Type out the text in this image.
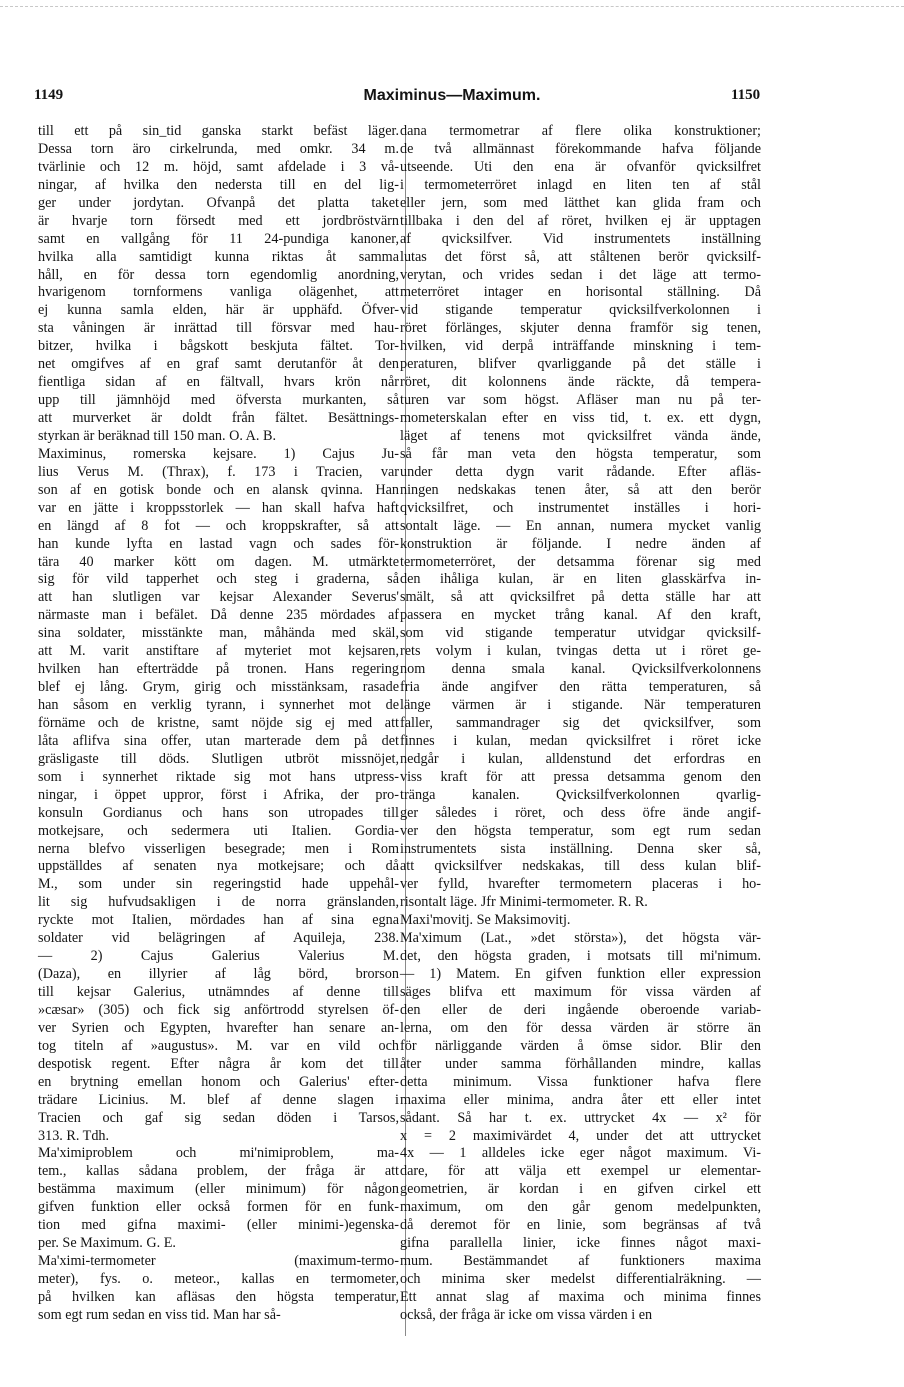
1149	Maximinus—Maximum.	1150
till ett på sin_tid ganska starkt befäst läger.
Dessa torn äro cirkelrunda, med omkr. 34 m.
tvärlinie och 12 m. höjd, samt afdelade i 3 vå-
ningar, af hvilka den nedersta till en del lig-
ger under jordytan. Ofvanpå det platta taket
är hvarje torn försedt med ett jordbröstvärn
samt en vallgång för 11 24-pundiga kanoner,
hvilka alla samtidigt kunna riktas åt samma
håll, en för dessa torn egendomlig anordning,
hvarigenom tornformens vanliga olägenhet, att
ej kunna samla elden, här är upphäfd. Öfver-
sta våningen är inrättad till försvar med hau-
bitzer, hvilka i bågskott beskjuta fältet. Tor-
net omgifves af en graf samt derutanför åt den
fientliga sidan af en fältvall, hvars krön når
upp till jämnhöjd med öfversta murkanten, så
att murverket är doldt från fältet. Besättnings-
styrkan är beräknad till 150 man. O. A. B.
Maximinus, romerska kejsare. 1) Cajus Ju-
lius Verus M. (Thrax), f. 173 i Tracien, var
son af en gotisk bonde och en alansk qvinna. Han
var en jätte i kroppsstorlek — han skall hafva haft
en längd af 8 fot — och kroppskrafter, så att
han kunde lyfta en lastad vagn och sades för-
tära 40 marker kött om dagen. M. utmärkte
sig för vild tapperhet och steg i graderna, så
att han slutligen var kejsar Alexander Severus'
närmaste man i befälet. Då denne 235 mördades af
sina soldater, misstänkte man, måhända med skäl,
att M. varit anstiftare af myteriet mot kejsaren,
hvilken han efterträdde på tronen. Hans regering
blef ej lång. Grym, girig och misstänksam, rasade
han såsom en verklig tyrann, i synnerhet mot de
förnäme och de kristne, samt nöjde sig ej med att
låta aflifva sina offer, utan marterade dem på det
gräsligaste till döds. Slutligen utbröt missnöjet,
som i synnerhet riktade sig mot hans utpress-
ningar, i öppet uppror, först i Afrika, der pro-
konsuln Gordianus och hans son utropades till
motkejsare, och sedermera uti Italien. Gordia-
nerna blefvo visserligen besegrade; men i Rom
uppställdes af senaten nya motkejsare; och då
M., som under sin regeringstid hade uppehål-
lit sig hufvudsakligen i de norra gränslanden,
ryckte mot Italien, mördades han af sina egna
soldater vid belägringen af Aquileja, 238.
— 2) Cajus Galerius Valerius M.
(Daza), en illyrier af låg börd, brorson
till kejsar Galerius, utnämndes af denne till
»cæsar» (305) och fick sig anförtrodd styrelsen öf-
ver Syrien och Egypten, hvarefter han senare an-
tog titeln af »augustus». M. var en vild och
despotisk regent. Efter några år kom det till
en brytning emellan honom och Galerius' efter-
trädare Licinius. M. blef af denne slagen i
Tracien och gaf sig sedan döden i Tarsos,
313. R. Tdh.
Ma'ximiproblem och mi'nimiproblem, ma-
tem., kallas sådana problem, der fråga är att
bestämma maximum (eller minimum) för någon
gifven funktion eller också formen för en funk-
tion med gifna maximi- (eller minimi-)egenska-
per. Se Maximum. G. E.
Ma'ximi-termometer (maximum-termo-
meter), fys. o. meteor., kallas en termometer,
på hvilken kan afläsas den högsta temperatur,
som egt rum sedan en viss tid. Man har så-
dana termometrar af flere olika konstruktioner;
de två allmännast förekommande hafva följande
utseende. Uti den ena är ofvanför qvicksilfret
i termometerröret inlagd en liten ten af stål
eller jern, som med lätthet kan glida fram och
tillbaka i den del af röret, hvilken ej är upptagen
af qvicksilfver. Vid instrumentets inställning
lutas det först så, att ståltenen berör qvicksilf-
verytan, och vrides sedan i det läge att termo-
meterröret intager en horisontal ställning. Då
vid stigande temperatur qvicksilfverkolonnen i
röret förlänges, skjuter denna framför sig tenen,
hvilken, vid derpå inträffande minskning i tem-
peraturen, blifver qvarliggande på det ställe i
röret, dit kolonnens ände räckte, då tempera-
turen var som högst. Afläser man nu på ter-
mometerskalan efter en viss tid, t. ex. ett dygn,
läget af tenens mot qvicksilfret vända ände,
så får man veta den högsta temperatur, som
under detta dygn varit rådande. Efter afläs-
ningen nedskakas tenen åter, så att den berör
qvicksilfret, och instrumentet inställes i hori-
sontalt läge. — En annan, numera mycket vanlig
konstruktion är följande. I nedre änden af
termometerröret, der detsamma förenar sig med
den ihåliga kulan, är en liten glasskärfva in-
smält, så att qvicksilfret på detta ställe har att
passera en mycket trång kanal. Af den kraft,
som vid stigande temperatur utvidgar qvicksilf-
rets volym i kulan, tvingas detta ut i röret ge-
nom denna smala kanal. Qvicksilfverkolonnens
fria ände angifver den rätta temperaturen, så
länge värmen är i stigande. När temperaturen
faller, sammandrager sig det qvicksilfver, som
finnes i kulan, medan qvicksilfret i röret icke
nedgår i kulan, alldenstund det erfordras en
viss kraft för att pressa detsamma genom den
tränga kanalen. Qvicksilfverkolonnen qvarlig-
ger således i röret, och dess öfre ände angif-
ver den högsta temperatur, som egt rum sedan
instrumentets sista inställning. Denna sker så,
att qvicksilfver nedskakas, till dess kulan blif-
ver fylld, hvarefter termometern placeras i ho-
risontalt läge. Jfr Minimi-termometer. R. R.
Maxi'movitj. Se Maksimovitj.
Ma'ximum (Lat., »det största»), det högsta vär-
det, den högsta graden, i motsats till mi'nimum.
— 1) Matem. En gifven funktion eller expression
säges blifva ett maximum för vissa värden af
den eller de deri ingående oberoende variab-
lerna, om den för dessa värden är större än
för närliggande värden å ömse sidor. Blir den
åter under samma förhållanden mindre, kallas
detta minimum. Vissa funktioner hafva flere
maxima eller minima, andra åter ett eller intet
sådant. Så har t. ex. uttrycket 4x — x² för
x = 2 maximivärdet 4, under det att uttrycket
4x — 1 alldeles icke eger något maximum. Vi-
dare, för att välja ett exempel ur elementar-
geometrien, är kordan i en gifven cirkel ett
maximum, om den går genom medelpunkten,
då deremot för en linie, som begränsas af två
gifna parallella linier, icke finnes något maxi-
mum. Bestämmandet af funktioners maxima
och minima sker medelst differentialräkning. —
Ett annat slag af maxima och minima finnes
också, der fråga är icke om vissa värden i en
